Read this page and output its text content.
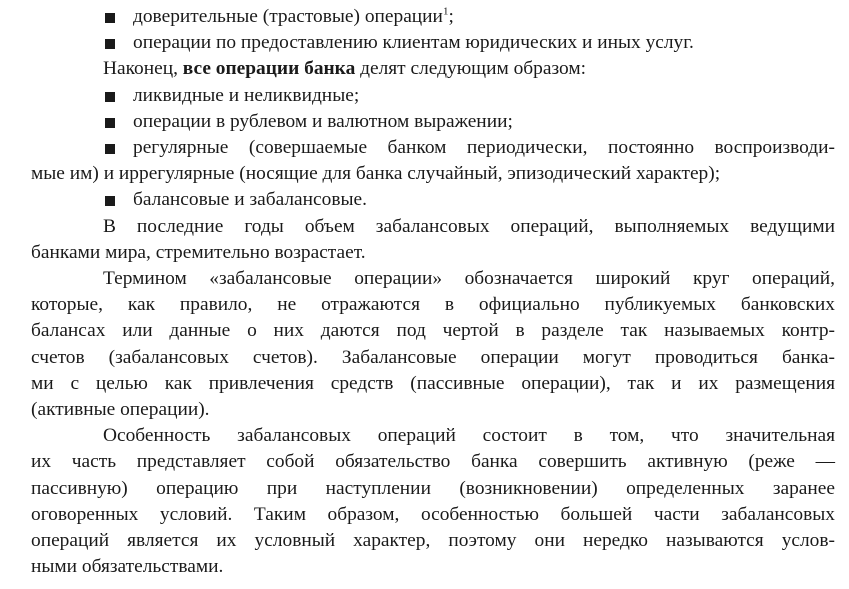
доверительные (трастовые) операции$^1$;
операции по предоставлению клиентам юридических и иных услуг.
Наконец, все операции банка делят следующим образом:
ликвидные и неликвидные;
операции в рублевом и валютном выражении;
регулярные (совершаемые банком периодически, постоянно воспроизводи-
мые им) и иррегулярные (носящие для банка случайный, эпизодический характер);
балансовые и забалансовые.
В последние годы объем забалансовых операций, выполняемых ведущими
банками мира, стремительно возрастает.
Термином «забалансовые операции» обозначается широкий круг операций,
которые, как правило, не отражаются в официально публикуемых банковских
балансах или данные о них даются под чертой в разделе так называемых контр-
счетов (забалансовых счетов). Забалансовые операции могут проводиться банка-
ми с целью как привлечения средств (пассивные операции), так и их размещения
(активные операции).
Особенность забалансовых операций состоит в том, что значительная
их часть представляет собой обязательство банка совершить активную (реже —
пассивную) операцию при наступлении (возникновении) определенных заранее
оговоренных условий. Таким образом, особенностью большей части забалансовых
операций является их условный характер, поэтому они нередко называются услов-
ными обязательствами.
